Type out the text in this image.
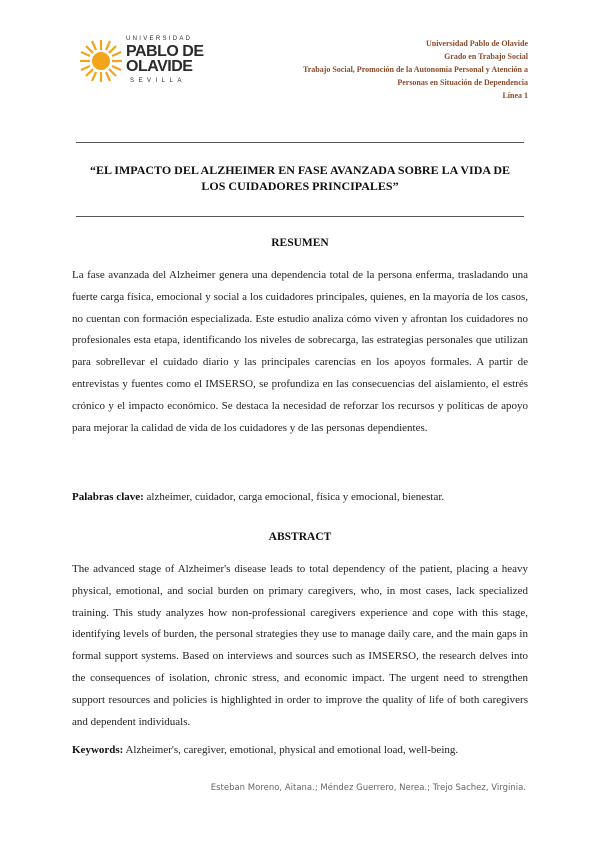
UNIVERSIDAD
PABLO DE
OLAVIDE
SEVILLA
Universidad Pablo de Olavide
Grado en Trabajo Social
Trabajo Social, Promoción de la Autonomía Personal y Atención a
Personas en Situación de Dependencia
Línea 1
“EL IMPACTO DEL ALZHEIMER EN FASE AVANZADA SOBRE LA VIDA DE
LOS CUIDADORES PRINCIPALES”
RESUMEN
La fase avanzada del Alzheimer genera una dependencia total de la persona enferma, trasladando una fuerte carga física, emocional y social a los cuidadores principales, quienes, en la mayoría de los casos, no cuentan con formación especializada. Este estudio analiza cómo viven y afrontan los cuidadores no profesionales esta etapa, identificando los niveles de sobrecarga, las estrategias personales que utilizan para sobrellevar el cuidado diario y las principales carencias en los apoyos formales. A partir de entrevistas y fuentes como el IMSERSO, se profundiza en las consecuencias del aislamiento, el estrés crónico y el impacto económico. Se destaca la necesidad de reforzar los recursos y políticas de apoyo para mejorar la calidad de vida de los cuidadores y de las personas dependientes.
Palabras clave: alzheimer, cuidador, carga emocional, física y emocional, bienestar.
ABSTRACT
The advanced stage of Alzheimer's disease leads to total dependency of the patient, placing a heavy physical, emotional, and social burden on primary caregivers, who, in most cases, lack specialized training. This study analyzes how non-professional caregivers experience and cope with this stage, identifying levels of burden, the personal strategies they use to manage daily care, and the main gaps in formal support systems. Based on interviews and sources such as IMSERSO, the research delves into the consequences of isolation, chronic stress, and economic impact. The urgent need to strengthen support resources and policies is highlighted in order to improve the quality of life of both caregivers and dependent individuals.
Keywords: Alzheimer's, caregiver, emotional, physical and emotional load, well-being.
Esteban Moreno, Aitana.; Méndez Guerrero, Nerea.; Trejo Sachez, Virginia.
